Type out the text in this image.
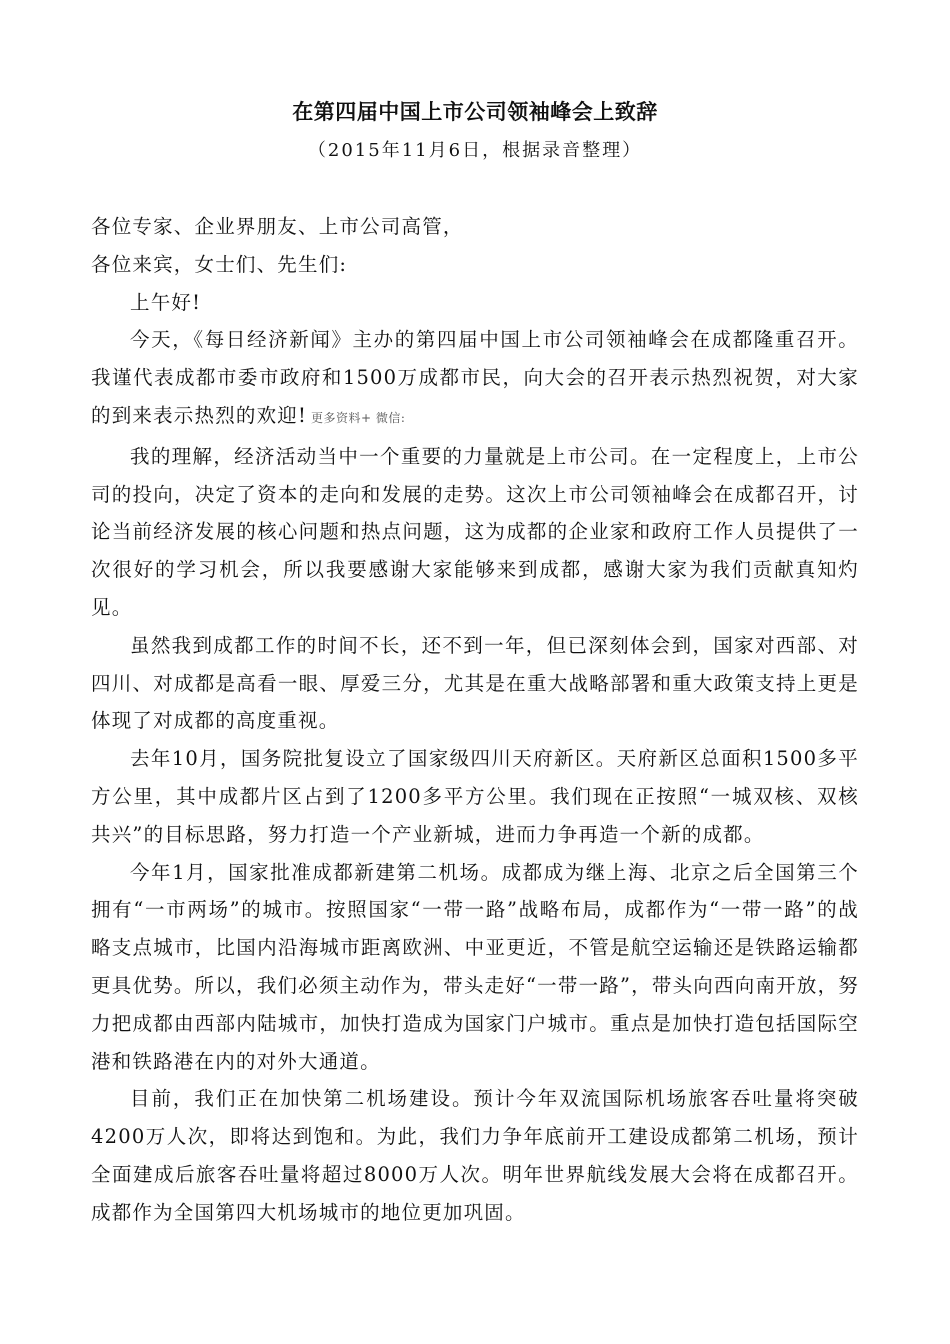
在第四届中国上市公司领袖峰会上致辞
（2015年11月6日，根据录音整理）

各位专家、企业界朋友、上市公司高管，

各位来宾，女士们、先生们:

上午好!

今天，《每日经济新闻》主办的第四届中国上市公司领袖峰会在成都隆重召开。我谨代表成都市委市政府和1500万成都市民，向大会的召开表示热烈祝贺，对大家的到来表示热烈的欢迎! 更多资料+ 微信:

我的理解，经济活动当中一个重要的力量就是上市公司。在一定程度上，上市公司的投向，决定了资本的走向和发展的走势。这次上市公司领袖峰会在成都召开，讨论当前经济发展的核心问题和热点问题，这为成都的企业家和政府工作人员提供了一次很好的学习机会，所以我要感谢大家能够来到成都，感谢大家为我们贡献真知灼见。

虽然我到成都工作的时间不长，还不到一年，但已深刻体会到，国家对西部、对四川、对成都是高看一眼、厚爱三分，尤其是在重大战略部署和重大政策支持上更是体现了对成都的高度重视。

去年10月，国务院批复设立了国家级四川天府新区。天府新区总面积1500多平方公里，其中成都片区占到了1200多平方公里。我们现在正按照“一城双核、双核共兴”的目标思路，努力打造一个产业新城，进而力争再造一个新的成都。

今年1月，国家批准成都新建第二机场。成都成为继上海、北京之后全国第三个拥有“一市两场”的城市。按照国家“一带一路”战略布局，成都作为“一带一路”的战略支点城市，比国内沿海城市距离欧洲、中亚更近，不管是航空运输还是铁路运输都更具优势。所以，我们必须主动作为，带头走好“一带一路”，带头向西向南开放，努力把成都由西部内陆城市，加快打造成为国家门户城市。重点是加快打造包括国际空港和铁路港在内的对外大通道。

目前，我们正在加快第二机场建设。预计今年双流国际机场旅客吞吐量将突破4200万人次，即将达到饱和。为此，我们力争年底前开工建设成都第二机场，预计全面建成后旅客吞吐量将超过8000万人次。明年世界航线发展大会将在成都召开。成都作为全国第四大机场城市的地位更加巩固。
